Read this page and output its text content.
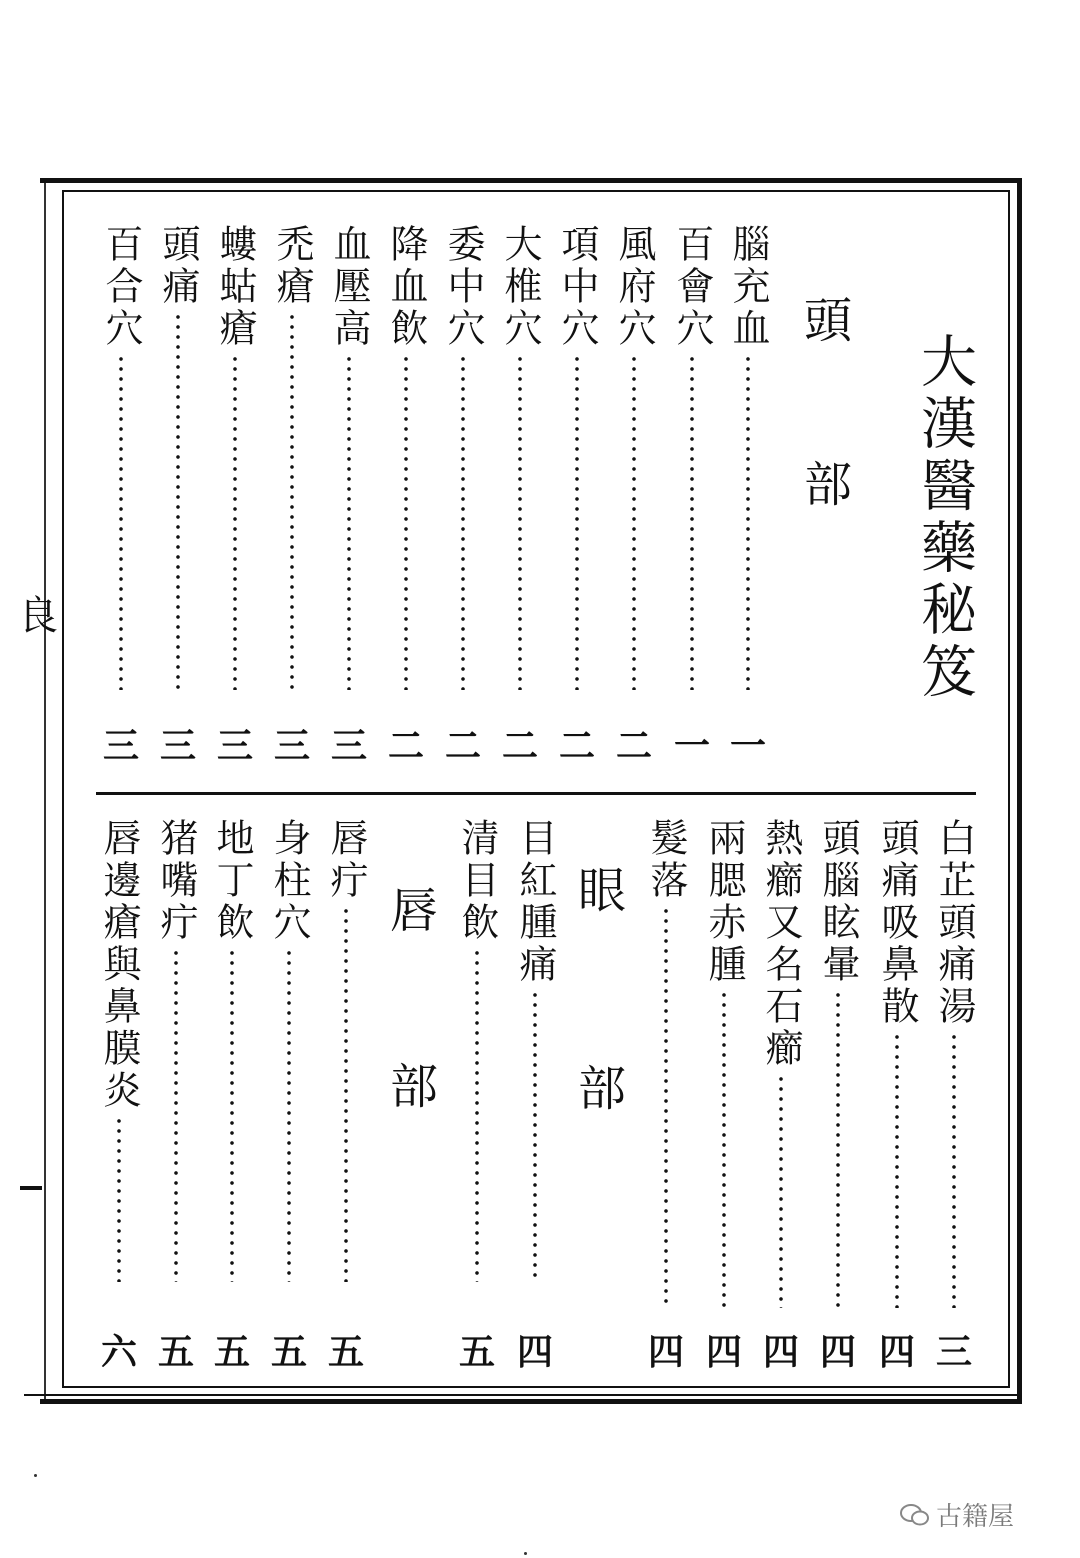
良	大漢醫藥秘笈
頭
部
腦充血
一
百會穴
一
風府穴
二
項中穴
二
大椎穴
二
委中穴
二
降血飲
二
血壓高
三
禿瘡
三
螻蛄瘡
三
頭痛
三
百合穴
三
白芷頭痛湯
三
頭痛吸鼻散
四
頭腦眩暈
四
熱癤又名石癤
四
兩腮赤腫
四
髮落
四
眼
部
唇
部
古籍屋
目紅腫痛
四
清目飲
五
唇疔
五
身柱穴
五
地丁飲
五
猪嘴疔
五
唇邊瘡與鼻膜炎
六
